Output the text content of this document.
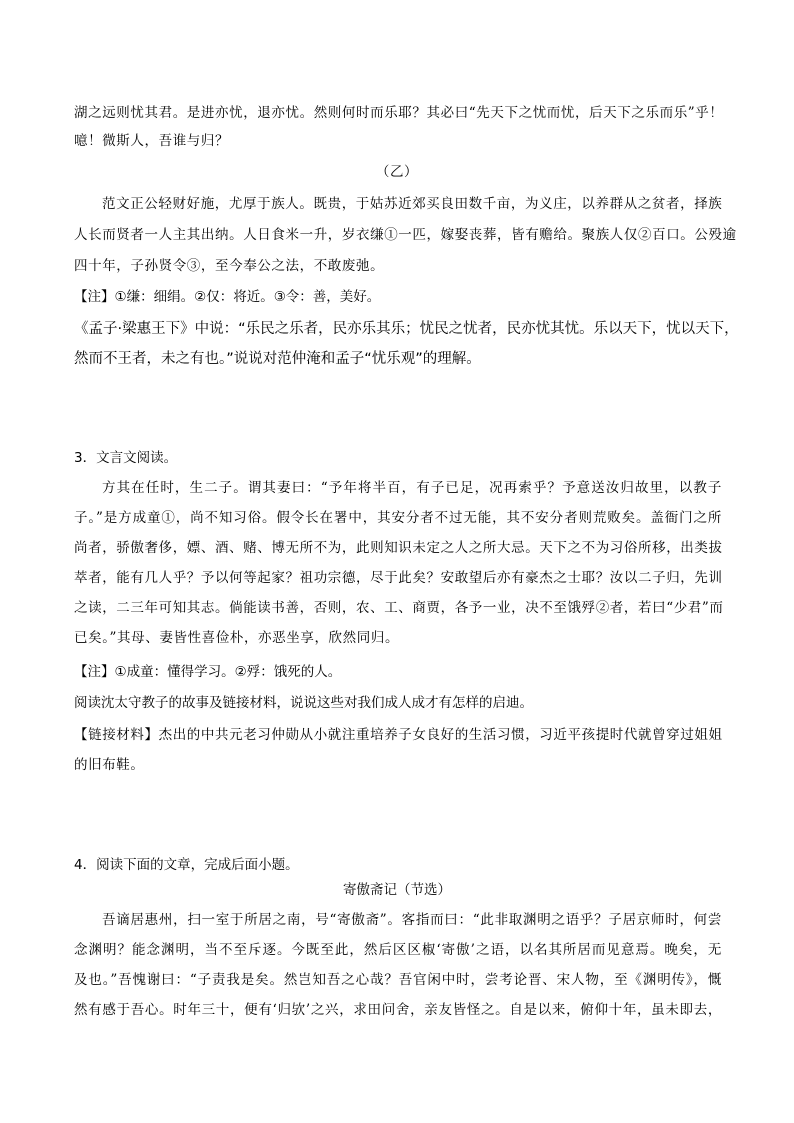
湖之远则忧其君。是进亦忧，退亦忧。然则何时而乐耶？其必曰“先天下之忧而忧，后天下之乐而乐”乎！
噫！微斯人，吾谁与归？
（乙）
范文正公轻财好施，尤厚于族人。既贵，于姑苏近郊买良田数千亩，为义庄，以养群从之贫者，择族
人长而贤者一人主其出纳。人日食米一升，岁衣缣①一匹，嫁娶丧葬，皆有赡给。聚族人仅②百口。公殁逾
四十年，子孙贤令③，至今奉公之法，不敢废弛。
【注】①缣：细绢。②仅：将近。③令：善，美好。
《孟子·梁惠王下》中说：“乐民之乐者，民亦乐其乐；忧民之忧者，民亦忧其忧。乐以天下，忧以天下，
然而不王者，未之有也。”说说对范仲淹和孟子“忧乐观”的理解。
3．文言文阅读。
方其在任时，生二子。谓其妻曰：“予年将半百，有子已足，况再索乎？予意送汝归故里，以教子
子。”是方成童①，尚不知习俗。假令长在署中，其安分者不过无能，其不安分者则荒败矣。盖衙门之所
尚者，骄傲奢侈，嫖、酒、赌、博无所不为，此则知识未定之人之所大忌。天下之不为习俗所移，出类拔
萃者，能有几人乎？予以何等起家？祖功宗德，尽于此矣？安敢望后亦有豪杰之士耶？汝以二子归，先训
之读，二三年可知其志。倘能读书善，否则，农、工、商贾，各予一业，决不至饿殍②者，若曰“少君”而
已矣。”其母、妻皆性喜俭朴，亦恶坐享，欣然同归。
【注】①成童：懂得学习。②殍：饿死的人。
阅读沈太守教子的故事及链接材料，说说这些对我们成人成才有怎样的启迪。
【链接材料】杰出的中共元老习仲勋从小就注重培养子女良好的生活习惯，习近平孩提时代就曾穿过姐姐
的旧布鞋。
4．阅读下面的文章，完成后面小题。
寄傲斋记（节选）
吾谪居惠州，扫一室于所居之南，号“寄傲斋”。客指而曰：“此非取渊明之语乎？子居京师时，何尝
念渊明？能念渊明，当不至斥逐。今既至此，然后区区椒‘寄傲’之语，以名其所居而见意焉。晚矣，无
及也。”吾愧谢曰：“子责我是矣。然岂知吾之心哉？吾官闲中时，尝考论晋、宋人物，至《渊明传》，慨
然有感于吾心。时年三十，便有‘归欤’之兴，求田问舍，亲友皆怪之。自是以来，俯仰十年，虽未即去，
